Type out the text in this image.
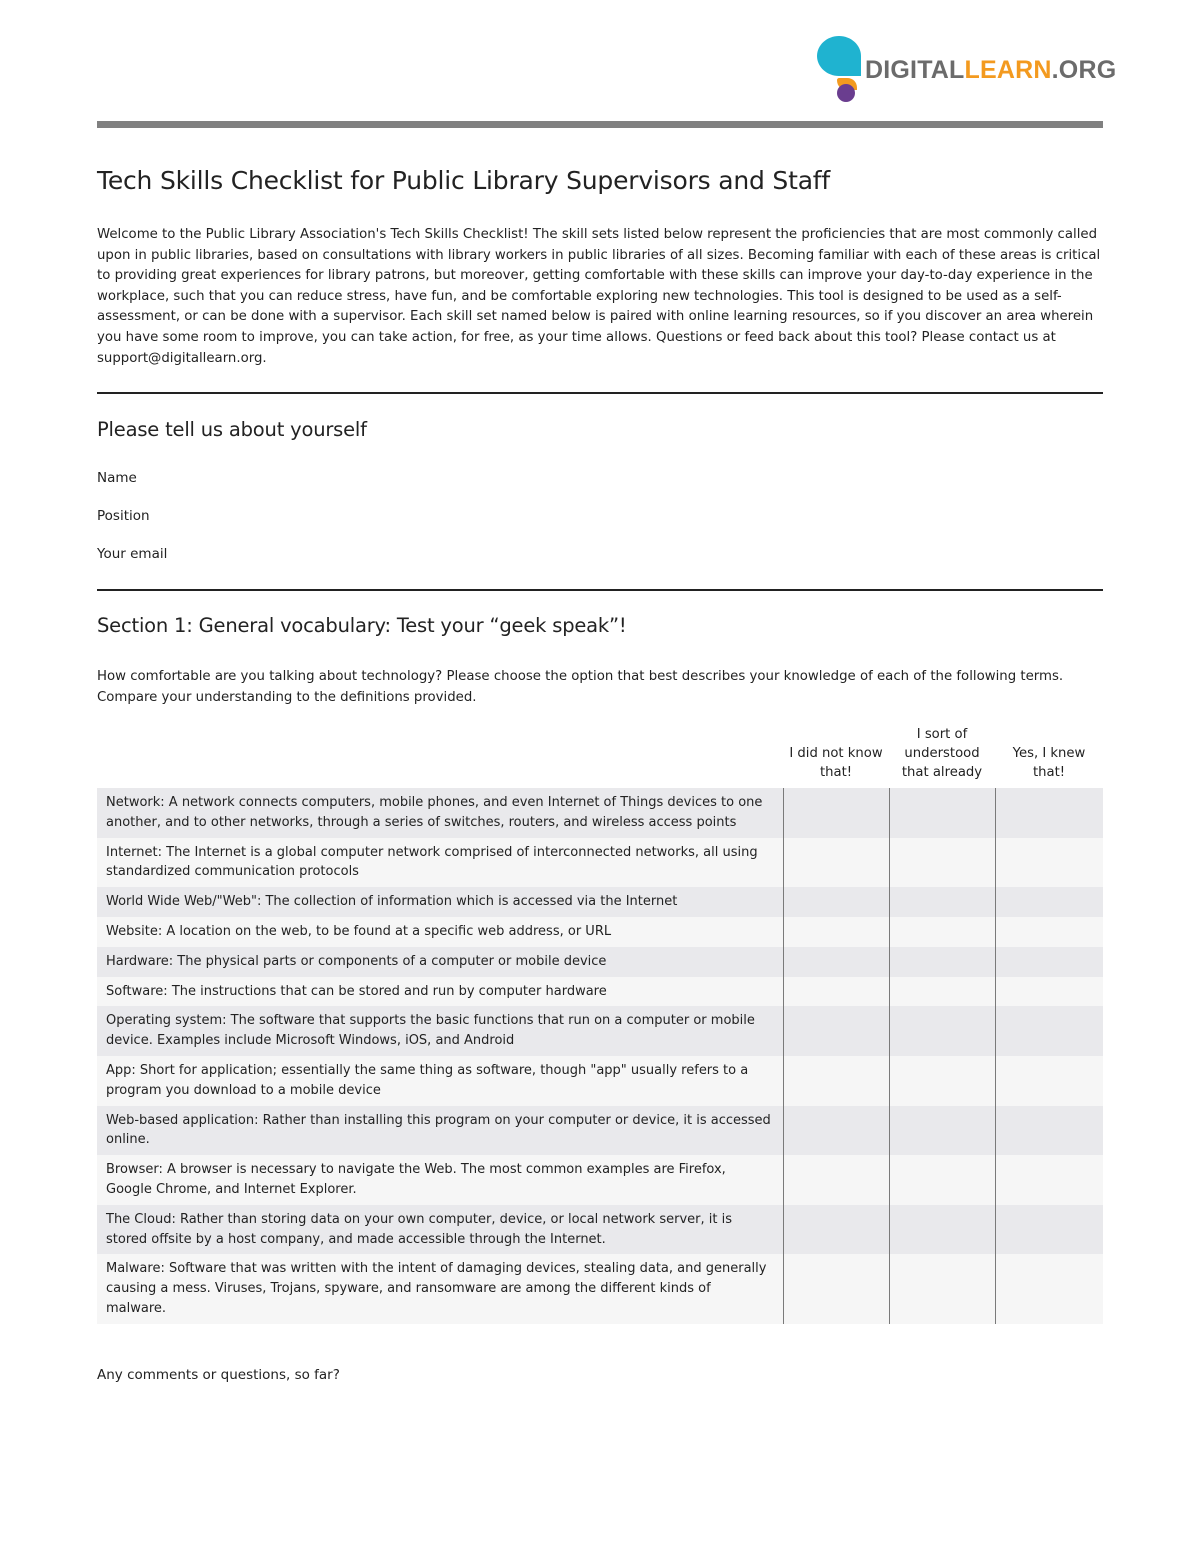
DIGITALLEARN.ORG
Tech Skills Checklist for Public Library Supervisors and Staff

Welcome to the Public Library Association's Tech Skills Checklist! The skill sets listed below represent the proficiencies that are most commonly called upon in public libraries, based on consultations with library workers in public libraries of all sizes. Becoming familiar with each of these areas is critical to providing great experiences for library patrons, but moreover, getting comfortable with these skills can improve your day-to-day experience in the workplace, such that you can reduce stress, have fun, and be comfortable exploring new technologies. This tool is designed to be used as a self-assessment, or can be done with a supervisor. Each skill set named below is paired with online learning resources, so if you discover an area wherein you have some room to improve, you can take action, for free, as your time allows. Questions or feed back about this tool? Please contact us at support@digitallearn.org.

Please tell us about yourself
Name
Position
Your email
Section 1: General vocabulary: Test your “geek speak”!

How comfortable are you talking about technology? Please choose the option that best describes your knowledge of each of the following terms. Compare your understanding to the definitions provided.

	I did not know that!	I sort of understood that already	Yes, I knew that!
Network: A network connects computers, mobile phones, and even Internet of Things devices to one another, and to other networks, through a series of switches, routers, and wireless access points			
Internet: The Internet is a global computer network comprised of interconnected networks, all using standardized communication protocols			
World Wide Web/"Web": The collection of information which is accessed via the Internet			
Website: A location on the web, to be found at a specific web address, or URL			
Hardware: The physical parts or components of a computer or mobile device			
Software: The instructions that can be stored and run by computer hardware			
Operating system: The software that supports the basic functions that run on a computer or mobile device. Examples include Microsoft Windows, iOS, and Android			
App: Short for application; essentially the same thing as software, though "app" usually refers to a program you download to a mobile device			
Web-based application: Rather than installing this program on your computer or device, it is accessed online.			
Browser: A browser is necessary to navigate the Web. The most common examples are Firefox, Google Chrome, and Internet Explorer.			
The Cloud: Rather than storing data on your own computer, device, or local network server, it is stored offsite by a host company, and made accessible through the Internet.			
Malware: Software that was written with the intent of damaging devices, stealing data, and generally causing a mess. Viruses, Trojans, spyware, and ransomware are among the different kinds of malware.			
Any comments or questions, so far?
